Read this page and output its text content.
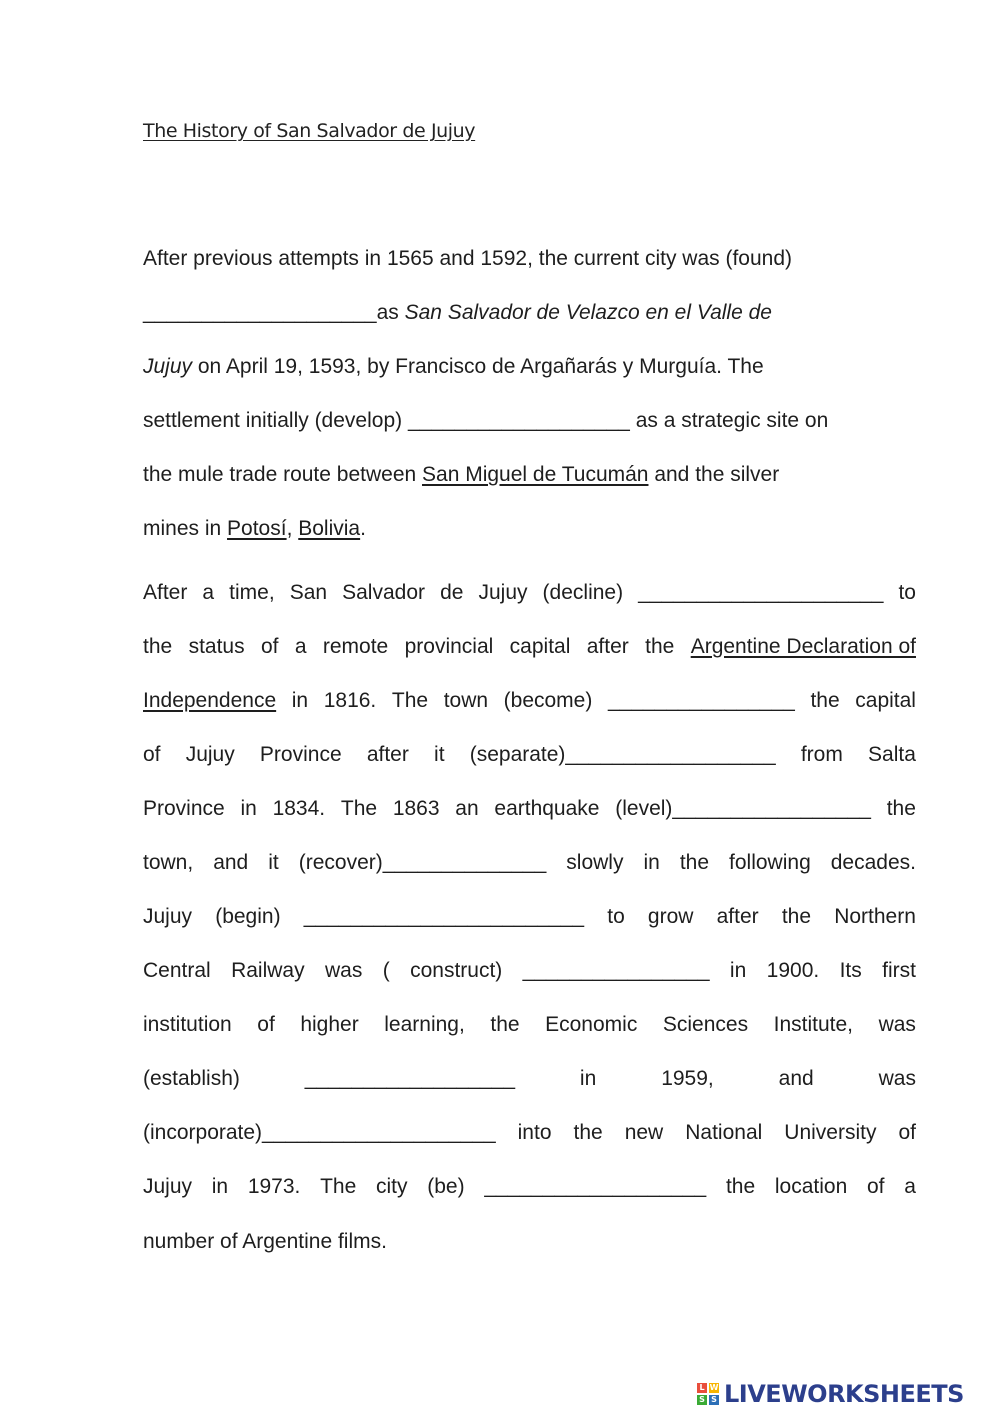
The History of San Salvador de Jujuy
After previous attempts in 1565 and 1592, the current city was (found)
____________________as San Salvador de Velazco en el Valle de
Jujuy on April 19, 1593, by Francisco de Argañarás y Murguía. The
settlement initially (develop) ___________________ as a strategic site on
the mule trade route between San Miguel de Tucumán and the silver
mines in Potosí, Bolivia.
After a time, San Salvador de Jujuy (decline) _____________________ to
the status of a remote provincial capital after the Argentine Declaration of
Independence in 1816. The town (become) ________________ the capital
of Jujuy Province after it (separate)__________________ from Salta
Province in 1834. The 1863 an earthquake (level)_________________ the
town, and it (recover)______________ slowly in the following decades.
Jujuy (begin) ________________________ to grow after the Northern
Central Railway was ( construct) ________________ in 1900. Its first
institution of higher learning, the Economic Sciences Institute, was
(establish)	__________________	in	1959,	and	was
(incorporate)____________________ into the new National University of
Jujuy in 1973. The city (be) ___________________ the location of a
number of Argentine films.
L W
S S LIVEWORKSHEETS
